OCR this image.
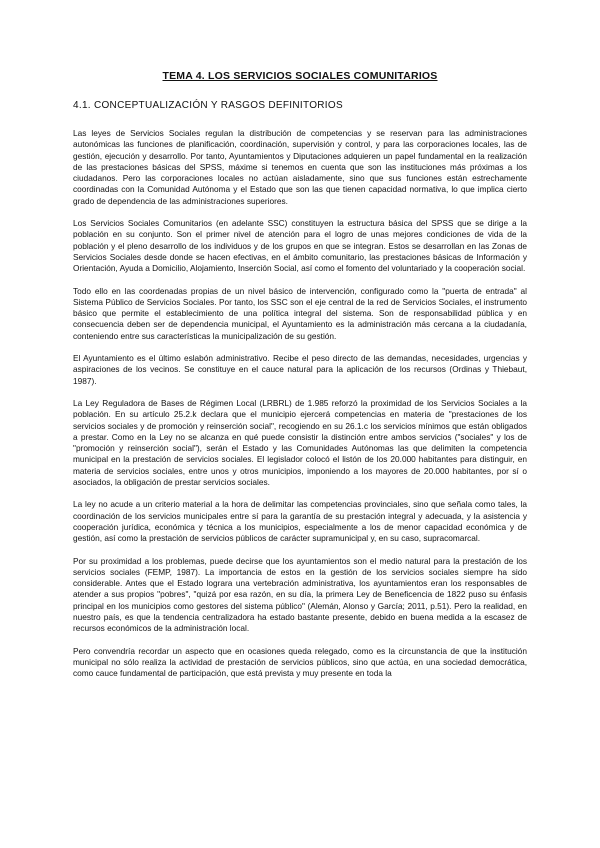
TEMA 4. LOS SERVICIOS SOCIALES COMUNITARIOS
4.1. CONCEPTUALIZACIÓN Y RASGOS DEFINITORIOS

Las leyes de Servicios Sociales regulan la distribución de competencias y se reservan para las administraciones autonómicas las funciones de planificación, coordinación, supervisión y control, y para las corporaciones locales, las de gestión, ejecución y desarrollo. Por tanto, Ayuntamientos y Diputaciones adquieren un papel fundamental en la realización de las prestaciones básicas del SPSS, máxime si tenemos en cuenta que son las instituciones más próximas a los ciudadanos. Pero las corporaciones locales no actúan aisladamente, sino que sus funciones están estrechamente coordinadas con la Comunidad Autónoma y el Estado que son las que tienen capacidad normativa, lo que implica cierto grado de dependencia de las administraciones superiores.

Los Servicios Sociales Comunitarios (en adelante SSC) constituyen la estructura básica del SPSS que se dirige a la población en su conjunto. Son el primer nivel de atención para el logro de unas mejores condiciones de vida de la población y el pleno desarrollo de los individuos y de los grupos en que se integran. Estos se desarrollan en las Zonas de Servicios Sociales desde donde se hacen efectivas, en el ámbito comunitario, las prestaciones básicas de Información y Orientación, Ayuda a Domicilio, Alojamiento, Inserción Social, así como el fomento del voluntariado y la cooperación social.

Todo ello en las coordenadas propias de un nivel básico de intervención, configurado como la "puerta de entrada" al Sistema Público de Servicios Sociales. Por tanto, los SSC son el eje central de la red de Servicios Sociales, el instrumento básico que permite el establecimiento de una política integral del sistema. Son de responsabilidad pública y en consecuencia deben ser de dependencia municipal, el Ayuntamiento es la administración más cercana a la ciudadanía, conteniendo entre sus características la municipalización de su gestión.

El Ayuntamiento es el último eslabón administrativo. Recibe el peso directo de las demandas, necesidades, urgencias y aspiraciones de los vecinos. Se constituye en el cauce natural para la aplicación de los recursos (Ordinas y Thiebaut, 1987).

La Ley Reguladora de Bases de Régimen Local (LRBRL) de 1.985 reforzó la proximidad de los Servicios Sociales a la población. En su artículo 25.2.k declara que el municipio ejercerá competencias en materia de "prestaciones de los servicios sociales y de promoción y reinserción social", recogiendo en su 26.1.c los servicios mínimos que están obligados a prestar. Como en la Ley no se alcanza en qué puede consistir la distinción entre ambos servicios ("sociales" y los de "promoción y reinserción social"), serán el Estado y las Comunidades Autónomas las que delimiten la competencia municipal en la prestación de servicios sociales. El legislador colocó el listón de los 20.000 habitantes para distinguir, en materia de servicios sociales, entre unos y otros municipios, imponiendo a los mayores de 20.000 habitantes, por sí o asociados, la obligación de prestar servicios sociales.

La ley no acude a un criterio material a la hora de delimitar las competencias provinciales, sino que señala como tales, la coordinación de los servicios municipales entre sí para la garantía de su prestación integral y adecuada, y la asistencia y cooperación jurídica, económica y técnica a los municipios, especialmente a los de menor capacidad económica y de gestión, así como la prestación de servicios públicos de carácter supramunicipal y, en su caso, supracomarcal.

Por su proximidad a los problemas, puede decirse que los ayuntamientos son el medio natural para la prestación de los servicios sociales (FEMP, 1987). La importancia de estos en la gestión de los servicios sociales siempre ha sido considerable. Antes que el Estado lograra una vertebración administrativa, los ayuntamientos eran los responsables de atender a sus propios "pobres", "quizá por esa razón, en su día, la primera Ley de Beneficencia de 1822 puso su énfasis principal en los municipios como gestores del sistema público" (Alemán, Alonso y García; 2011, p.51). Pero la realidad, en nuestro país, es que la tendencia centralizadora ha estado bastante presente, debido en buena medida a la escasez de recursos económicos de la administración local.

Pero convendría recordar un aspecto que en ocasiones queda relegado, como es la circunstancia de que la institución municipal no sólo realiza la actividad de prestación de servicios públicos, sino que actúa, en una sociedad democrática, como cauce fundamental de participación, que está prevista y muy presente en toda la
